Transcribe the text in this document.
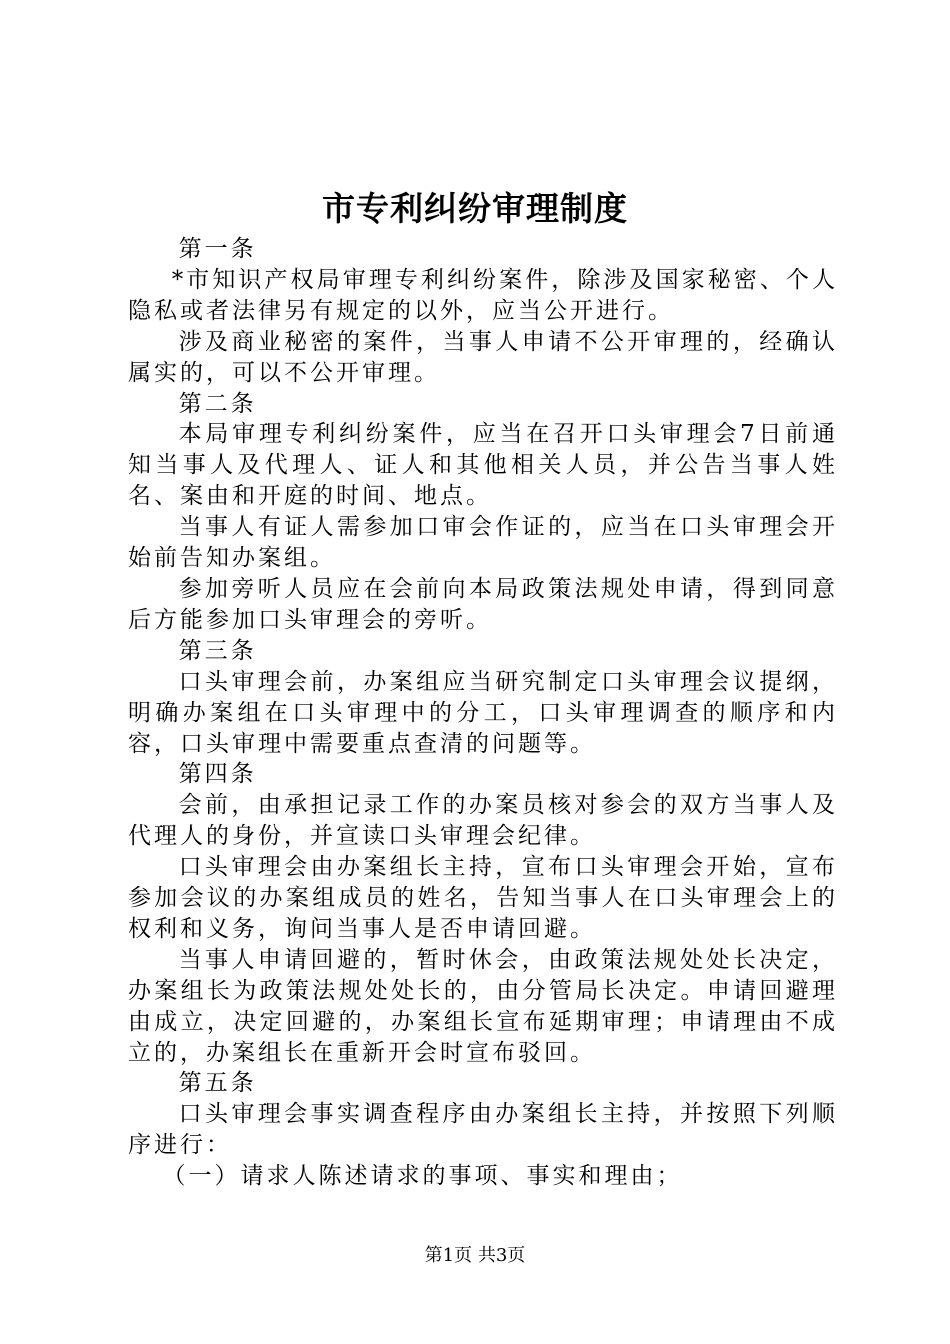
市专利纠纷审理制度

第一条

*市知识产权局审理专利纠纷案件，除涉及国家秘密、个人隐私或者法律另有规定的以外，应当公开进行。

涉及商业秘密的案件，当事人申请不公开审理的，经确认属实的，可以不公开审理。

第二条

本局审理专利纠纷案件，应当在召开口头审理会7日前通知当事人及代理人、证人和其他相关人员，并公告当事人姓名、案由和开庭的时间、地点。

当事人有证人需参加口审会作证的，应当在口头审理会开始前告知办案组。

参加旁听人员应在会前向本局政策法规处申请，得到同意后方能参加口头审理会的旁听。

第三条

口头审理会前，办案组应当研究制定口头审理会议提纲，明确办案组在口头审理中的分工，口头审理调查的顺序和内容，口头审理中需要重点查清的问题等。

第四条

会前，由承担记录工作的办案员核对参会的双方当事人及代理人的身份，并宣读口头审理会纪律。

口头审理会由办案组长主持，宣布口头审理会开始，宣布参加会议的办案组成员的姓名，告知当事人在口头审理会上的权利和义务，询问当事人是否申请回避。

当事人申请回避的，暂时休会，由政策法规处处长决定，办案组长为政策法规处处长的，由分管局长决定。申请回避理由成立，决定回避的，办案组长宣布延期审理；申请理由不成立的，办案组长在重新开会时宣布驳回。

第五条

口头审理会事实调查程序由办案组长主持，并按照下列顺序进行：

（一）请求人陈述请求的事项、事实和理由；

第1页 共3页
